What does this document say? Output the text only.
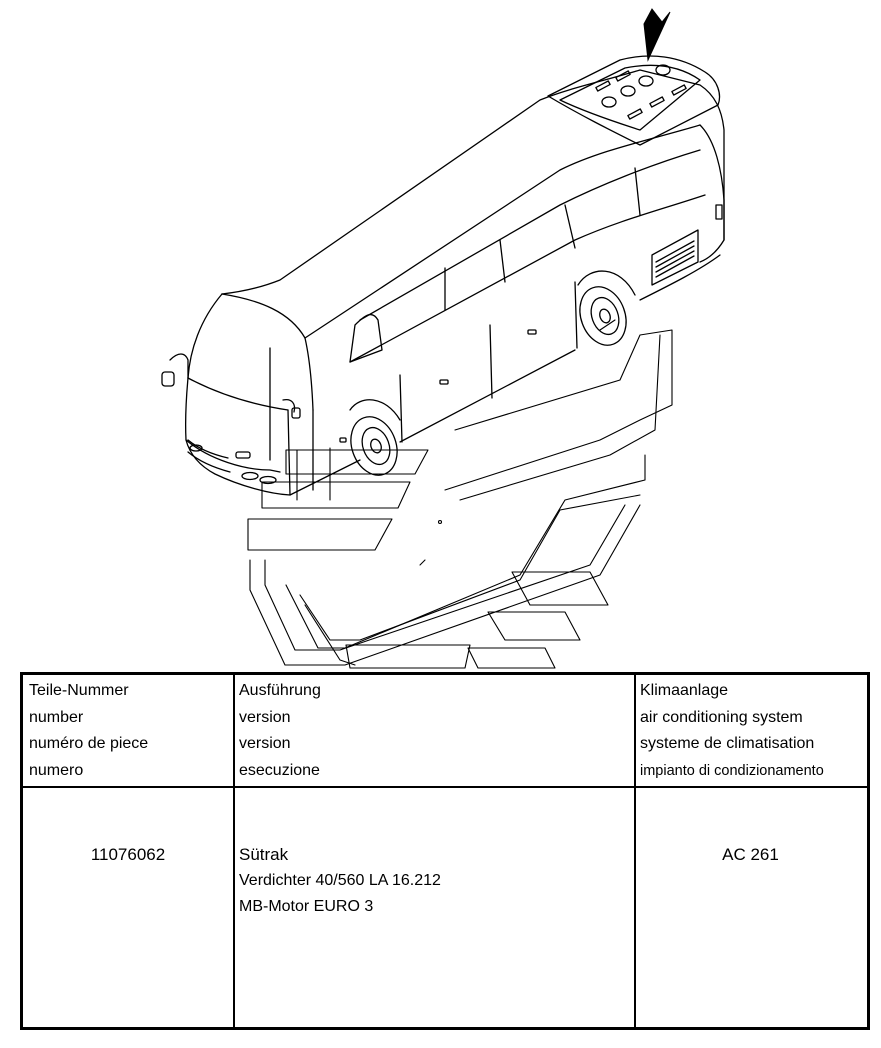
Teile-Nummer
number
numéro de piece
numero
Ausführung
version
version
esecuzione
Klimaanlage
air conditioning system
systeme de climatisation
impianto di condizionamento
11076062	Sütrak
Verdichter 40/560 LA 16.212
MB-Motor EURO 3
AC 261
